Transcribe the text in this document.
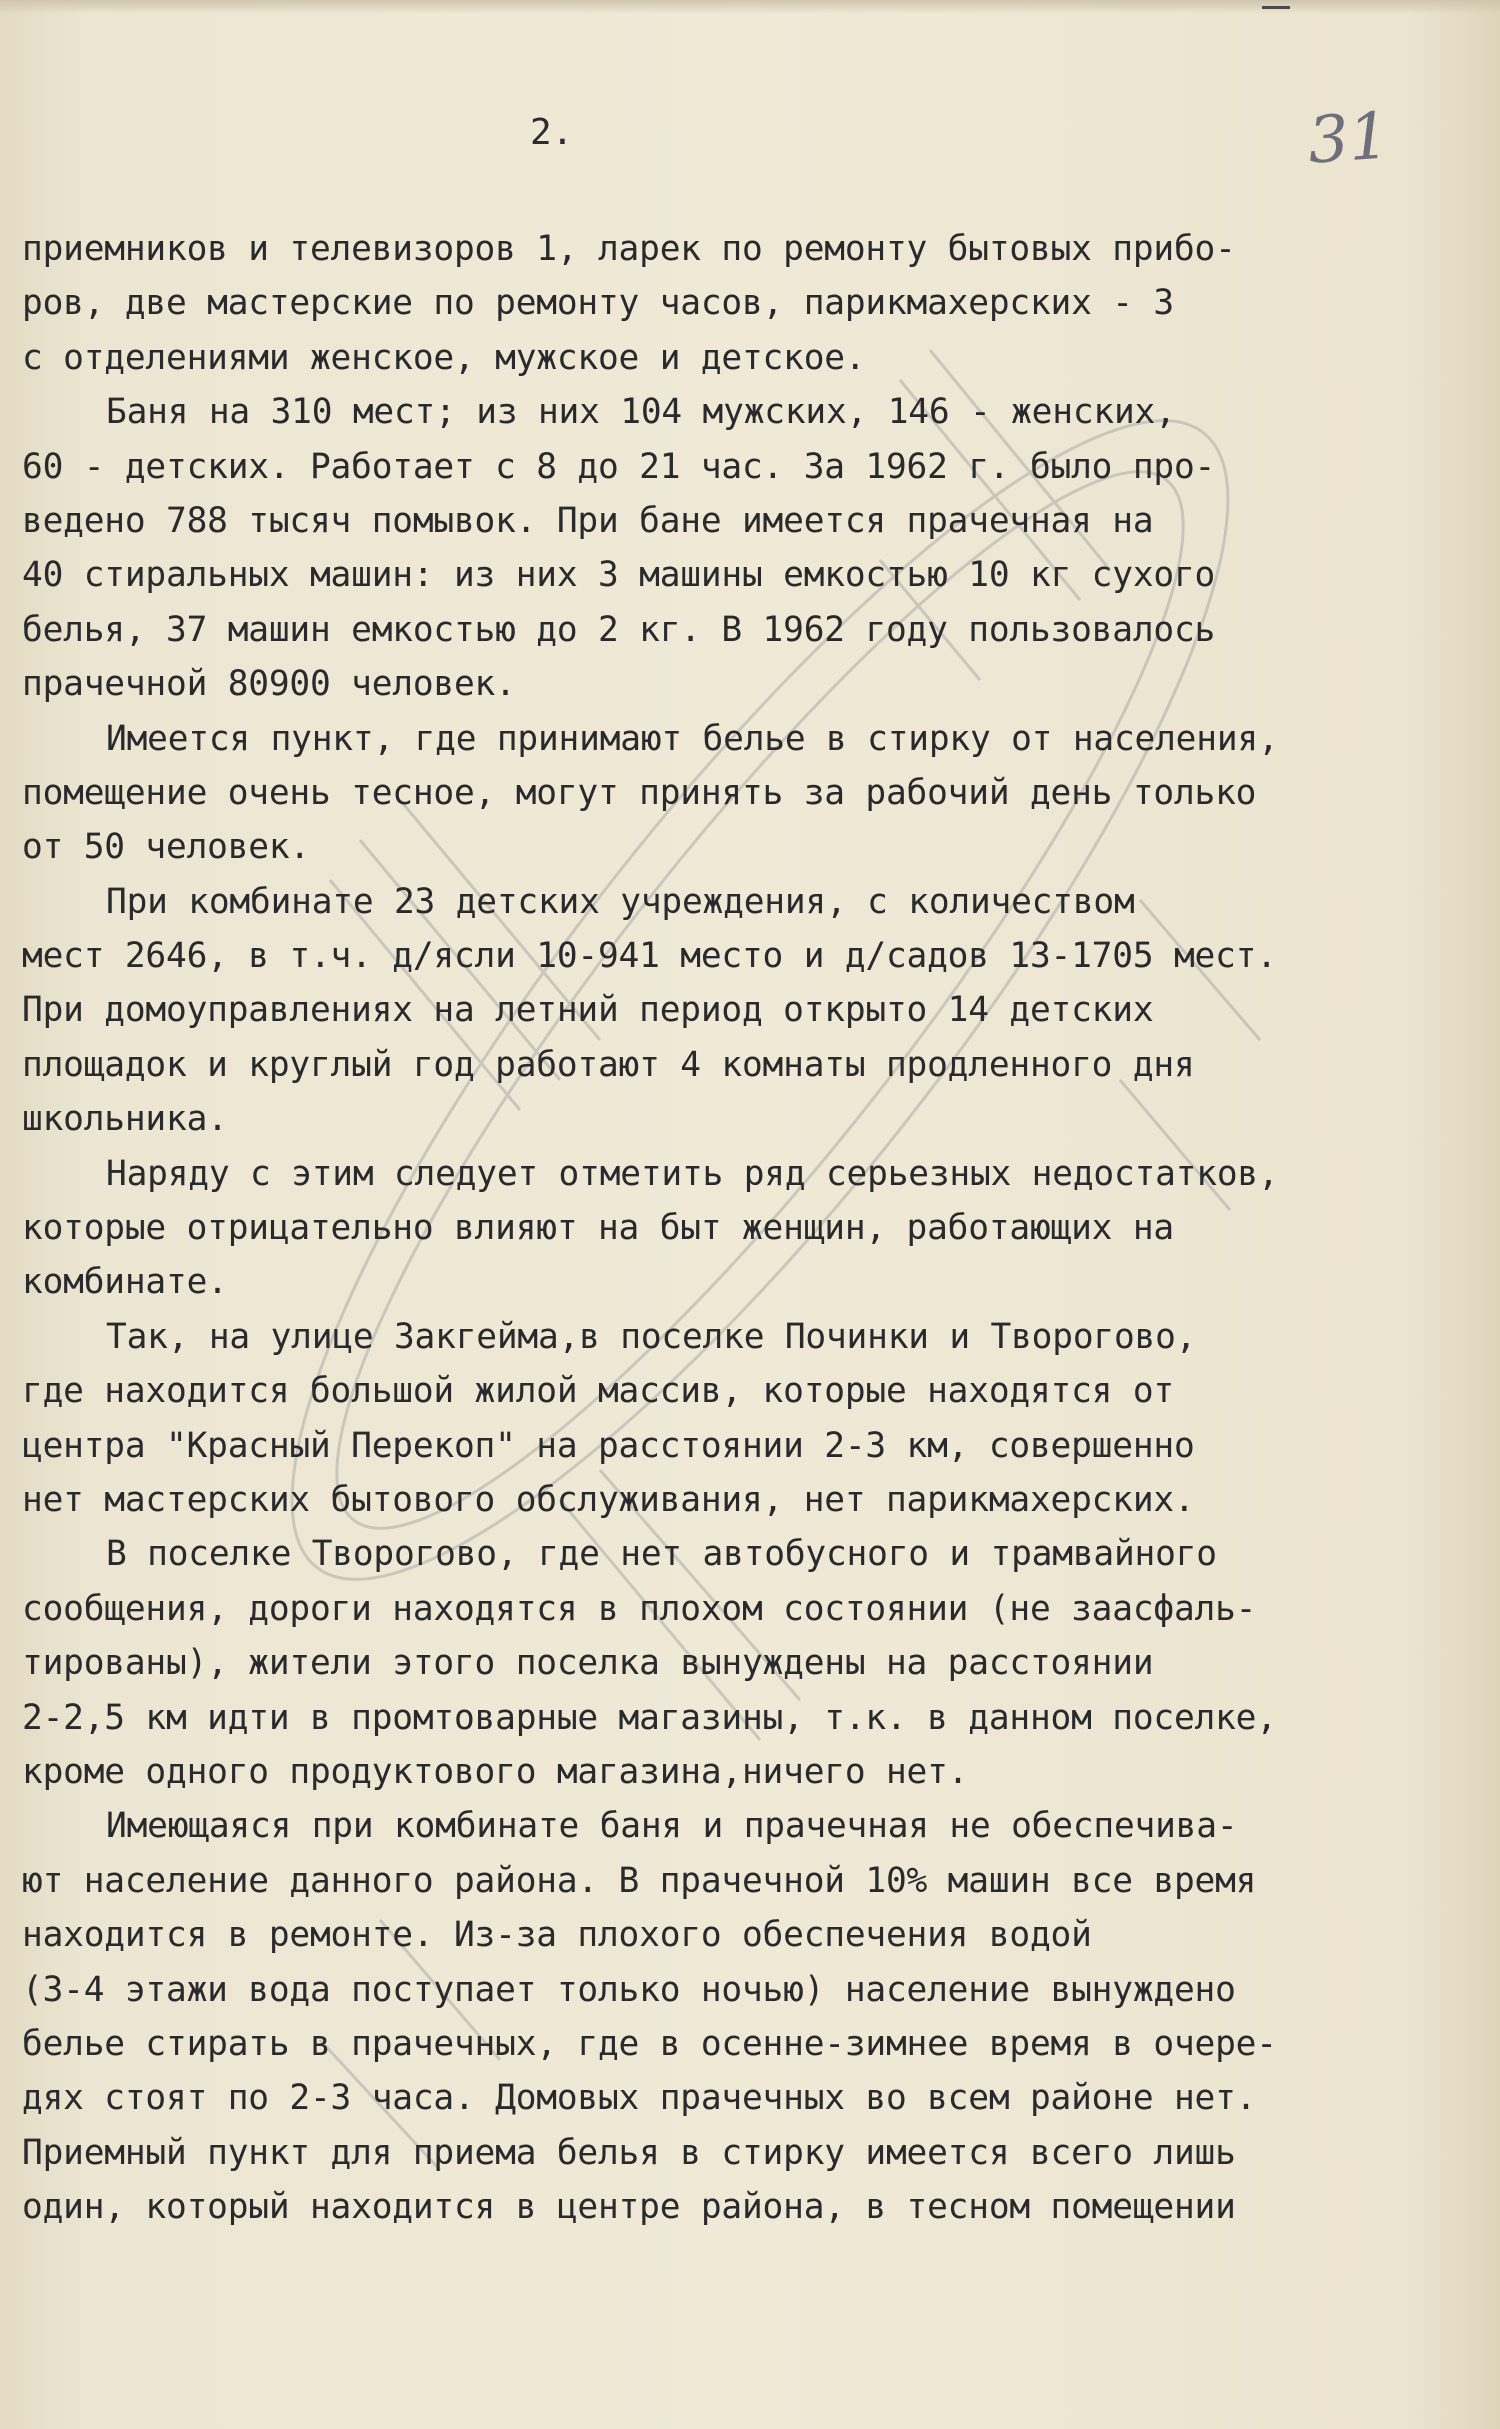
2.	31
приемников и телевизоров 1, ларек по ремонту бытовых прибо-
ров, две мастерские по ремонту часов, парикмахерских - 3
с отделениями женское, мужское и детское.
Баня на 310 мест; из них 104 мужских, 146 - женских,
60 - детских. Работает с 8 до 21 час. За 1962 г. было про-
ведено 788 тысяч помывок. При бане имеется прачечная на
40 стиральных машин: из них 3 машины емкостью 10 кг сухого
белья, 37 машин емкостью до 2 кг. В 1962 году пользовалось
прачечной 80900 человек.
Имеется пункт, где принимают белье в стирку от населения,
помещение очень тесное, могут принять за рабочий день только
от 50 человек.
При комбинате 23 детских учреждения, с количеством
мест 2646, в т.ч. д/ясли 10-941 место и д/садов 13-1705 мест.
При домоуправлениях на летний период открыто 14 детских
площадок и круглый год работают 4 комнаты продленного дня
школьника.
Наряду с этим следует отметить ряд серьезных недостатков,
которые отрицательно влияют на быт женщин, работающих на
комбинате.
Так, на улице Закгейма,в поселке Починки и Творогово,
где находится большой жилой массив, которые находятся от
центра "Красный Перекоп" на расстоянии 2-3 км, совершенно
нет мастерских бытового обслуживания, нет парикмахерских.
В поселке Творогово, где нет автобусного и трамвайного
сообщения, дороги находятся в плохом состоянии (не заасфаль-
тированы), жители этого поселка вынуждены на расстоянии
2-2,5 км идти в промтоварные магазины, т.к. в данном поселке,
кроме одного продуктового магазина,ничего нет.
Имеющаяся при комбинате баня и прачечная не обеспечива-
ют население данного района. В прачечной 10% машин все время
находится в ремонте. Из-за плохого обеспечения водой
(3-4 этажи вода поступает только ночью) население вынуждено
белье стирать в прачечных, где в осенне-зимнее время в очере-
дях стоят по 2-3 часа. Домовых прачечных во всем районе нет.
Приемный пункт для приема белья в стирку имеется всего лишь
один, который находится в центре района, в тесном помещении
